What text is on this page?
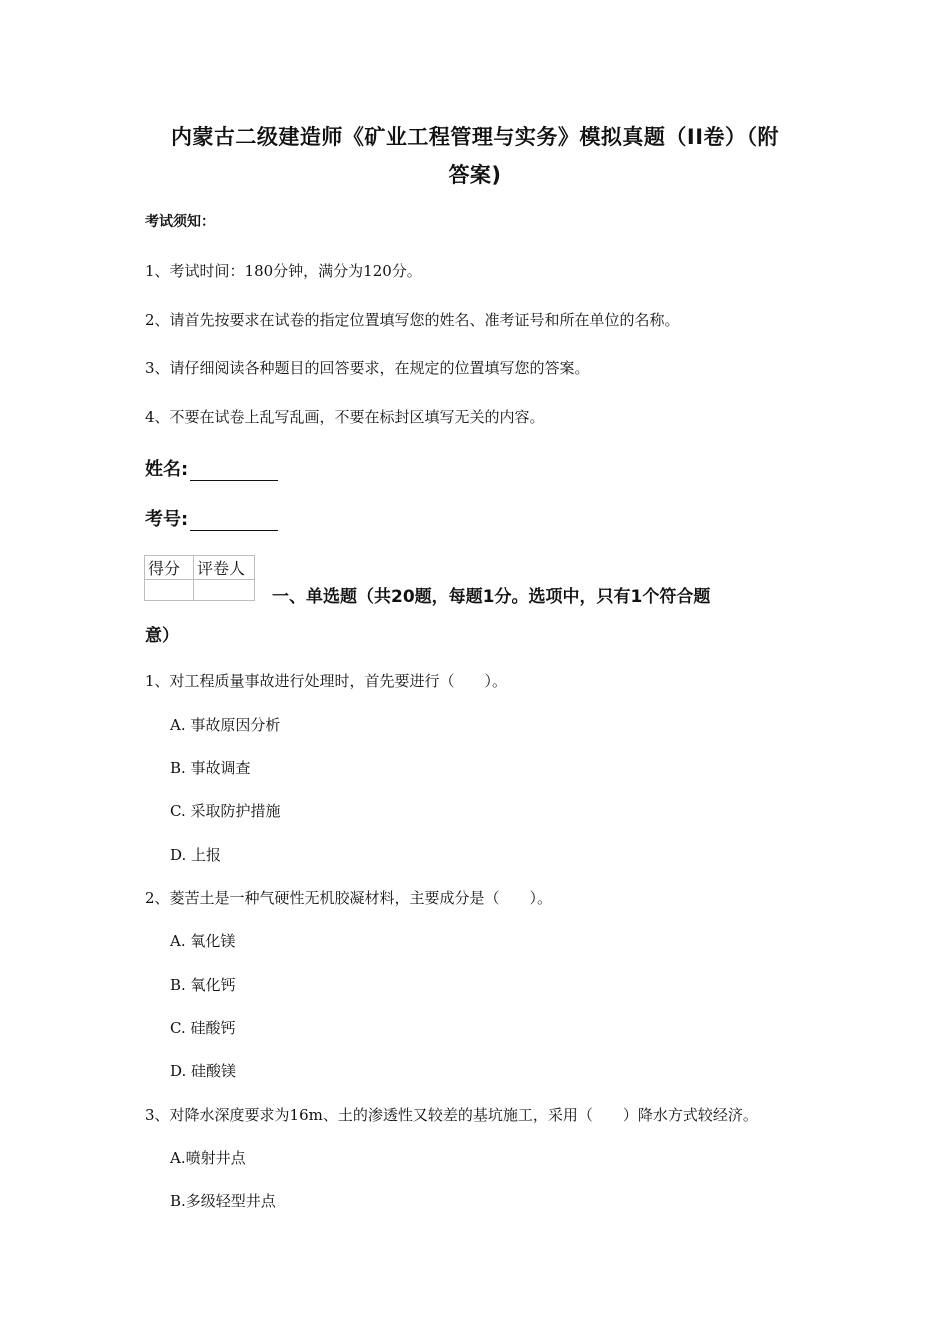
内蒙古二级建造师《矿业工程管理与实务》模拟真题（II卷）（附
答案)
考试须知：
1、考试时间：180分钟，满分为120分。
2、请首先按要求在试卷的指定位置填写您的姓名、准考证号和所在单位的名称。
3、请仔细阅读各种题目的回答要求，在规定的位置填写您的答案。
4、不要在试卷上乱写乱画，不要在标封区填写无关的内容。
姓名:
考号:
得分	评卷人

一、单选题（共20题，每题1分。选项中，只有1个符合题
意）
1、对工程质量事故进行处理时，首先要进行（　　）。
A. 事故原因分析
B. 事故调查
C. 采取防护措施
D. 上报
2、菱苦土是一种气硬性无机胶凝材料，主要成分是（　　）。
A. 氧化镁
B. 氧化钙
C. 硅酸钙
D. 硅酸镁
3、对降水深度要求为16m、土的渗透性又较差的基坑施工，采用（　　）降水方式较经济。
A.喷射井点
B.多级轻型井点
